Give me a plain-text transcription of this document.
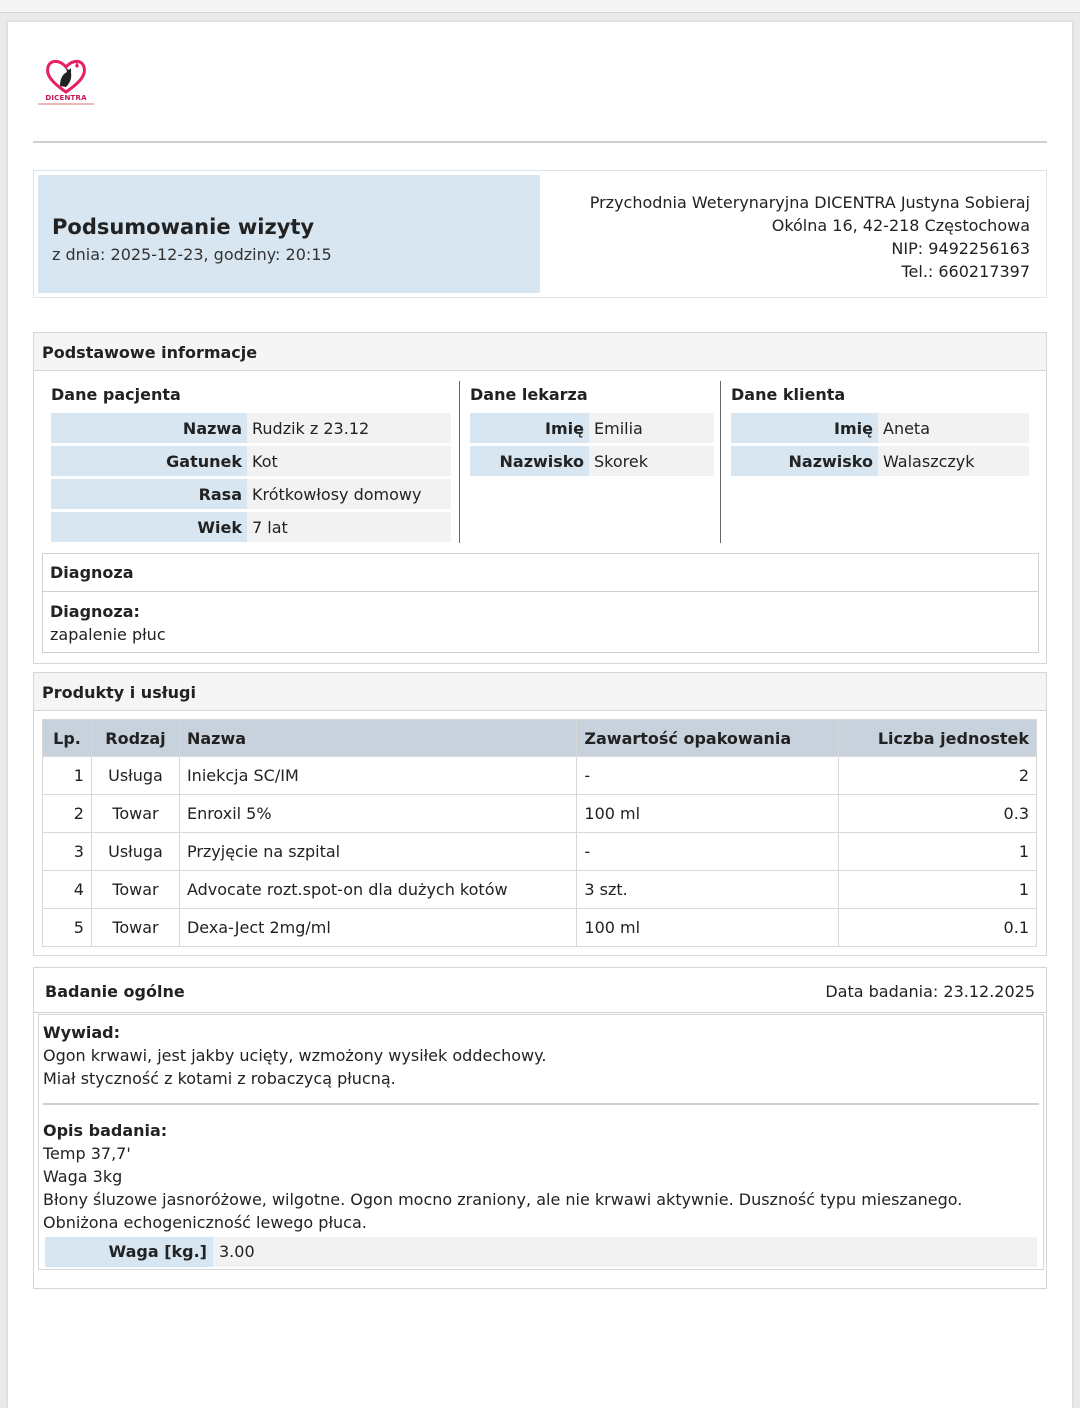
DICENTRA
Podsumowanie wizyty
z dnia: 2025-12-23, godziny: 20:15
Przychodnia Weterynaryjna DICENTRA Justyna Sobieraj
Okólna 16, 42-218 Częstochowa
NIP: 9492256163
Tel.: 660217397
Podstawowe informacje
Dane pacjenta
Nazwa	Rudzik z 23.12
Gatunek	Kot
Rasa	Krótkowłosy domowy
Wiek	7 lat
Dane lekarza
Imię	Emilia
Nazwisko	Skorek
Dane klienta
Imię	Aneta
Nazwisko	Walaszczyk
Diagnoza
Diagnoza:
zapalenie płuc
Produkty i usługi
Lp.	Rodzaj	Nazwa	Zawartość opakowania	Liczba jednostek
1	Usługa	Iniekcja SC/IM	-	2
2	Towar	Enroxil 5%	100 ml	0.3
3	Usługa	Przyjęcie na szpital	-	1
4	Towar	Advocate rozt.spot-on dla dużych kotów	3 szt.	1
5	Towar	Dexa-Ject 2mg/ml	100 ml	0.1
Badanie ogólne	Data badania: 23.12.2025
Wywiad:
Ogon krwawi, jest jakby ucięty, wzmożony wysiłek oddechowy.
Miał styczność z kotami z robaczycą płucną.
Opis badania:
Temp 37,7'
Waga 3kg
Błony śluzowe jasnoróżowe, wilgotne. Ogon mocno zraniony, ale nie krwawi aktywnie. Duszność typu mieszanego.
Obniżona echogeniczność lewego płuca.
Waga [kg.] 3.00
